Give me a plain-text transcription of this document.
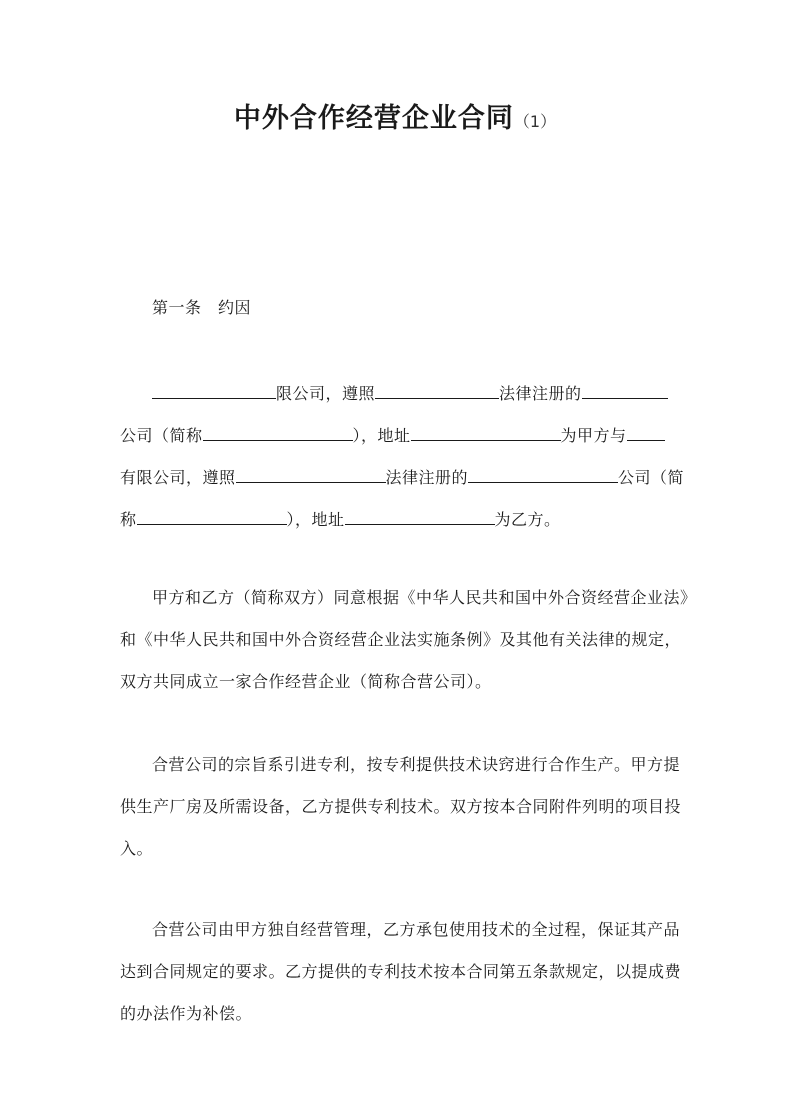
中外合作经营企业合同（1）
第一条　约因
限公司，遵照	法律注册的
公司（简称	），地址	为甲方与
有限公司，遵照	法律注册的	公司（简
称	），地址	为乙方。
甲方和乙方（简称双方）同意根据《中华人民共和国中外合资经营企业法》
和《中华人民共和国中外合资经营企业法实施条例》及其他有关法律的规定，
双方共同成立一家合作经营企业（简称合营公司）。
合营公司的宗旨系引进专利，按专利提供技术诀窍进行合作生产。甲方提
供生产厂房及所需设备，乙方提供专利技术。双方按本合同附件列明的项目投
入。
合营公司由甲方独自经营管理，乙方承包使用技术的全过程，保证其产品
达到合同规定的要求。乙方提供的专利技术按本合同第五条款规定，以提成费
的办法作为补偿。
